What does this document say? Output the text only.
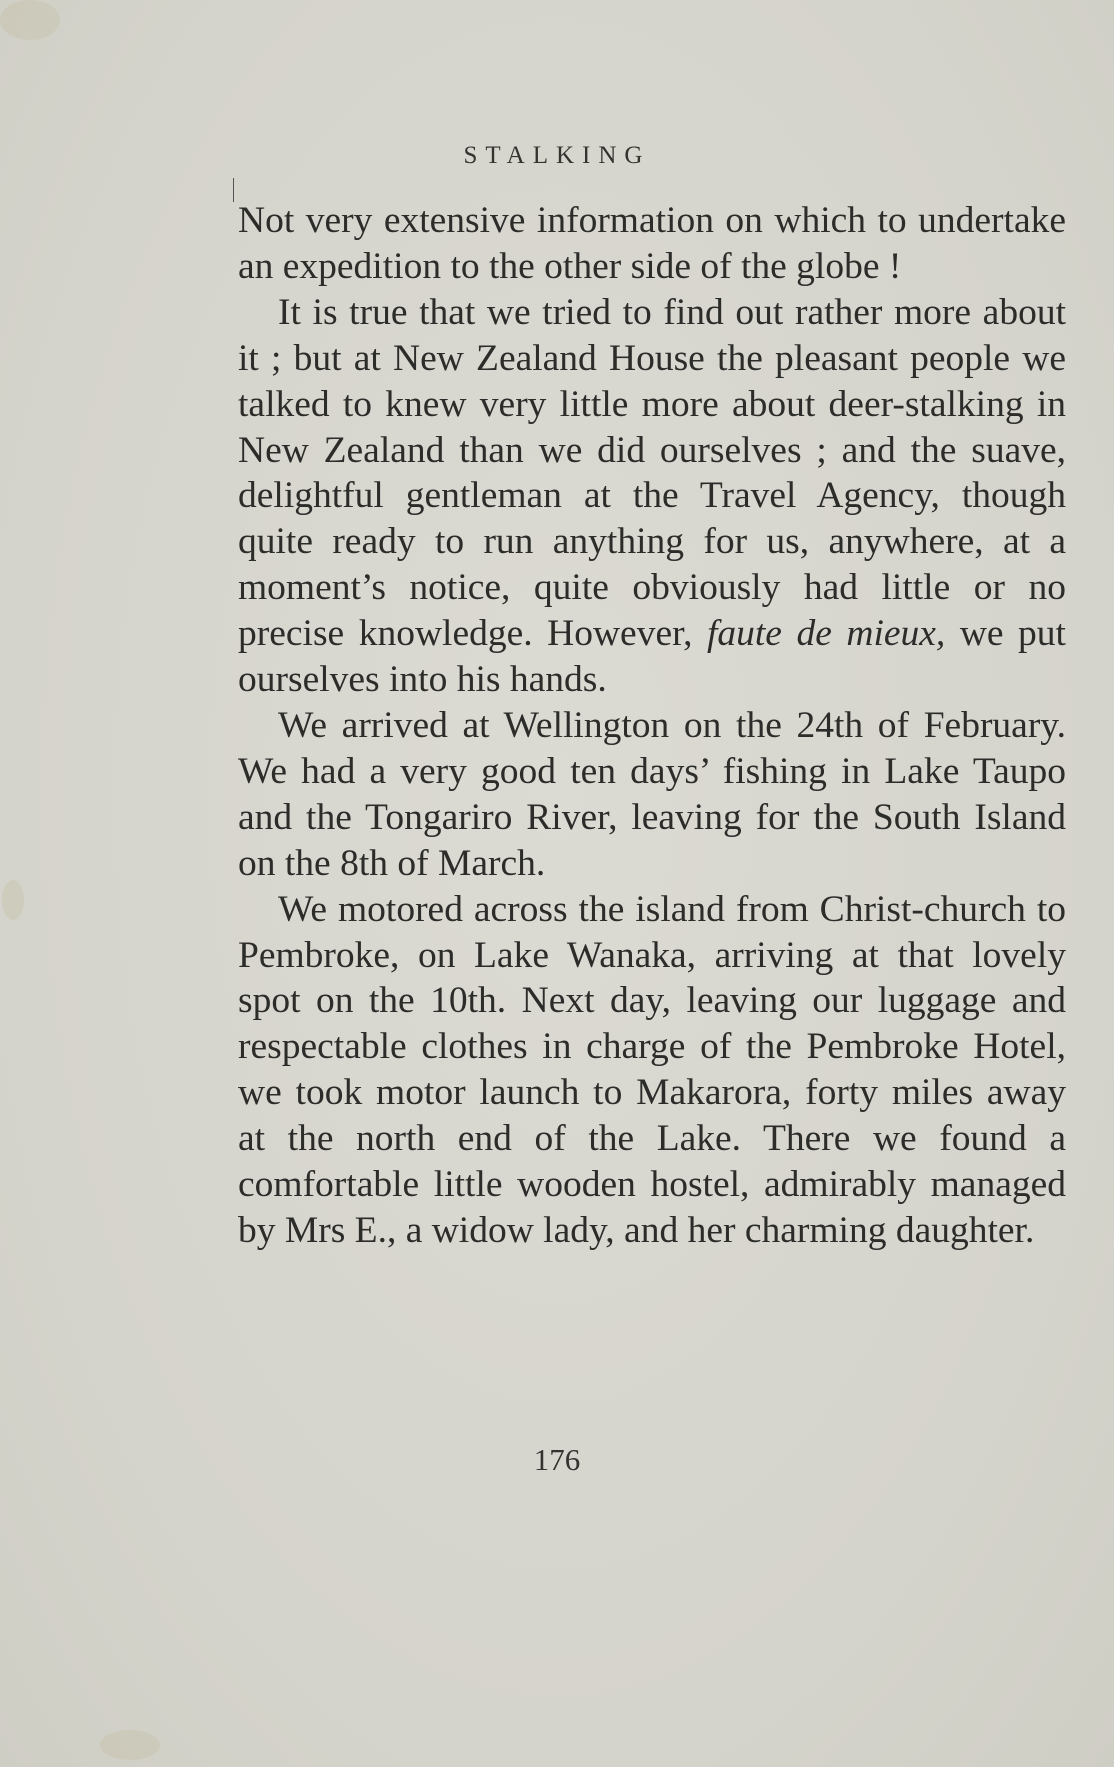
STALKING

Not very extensive information on which to undertake an expedition to the other side of the globe !

It is true that we tried to find out rather more about it ; but at New Zealand House the pleasant people we talked to knew very little more about deer-stalking in New Zealand than we did ourselves ; and the suave, delightful gentleman at the Travel Agency, though quite ready to run anything for us, anywhere, at a moment’s notice, quite obviously had little or no precise knowledge. However, faute de mieux, we put ourselves into his hands.

We arrived at Wellington on the 24th of February. We had a very good ten days’ fishing in Lake Taupo and the Tongariro River, leaving for the South Island on the 8th of March.

We motored across the island from Christ-church to Pembroke, on Lake Wanaka, arriving at that lovely spot on the 10th. Next day, leaving our luggage and respectable clothes in charge of the Pembroke Hotel, we took motor launch to Makarora, forty miles away at the north end of the Lake. There we found a comfortable little wooden hostel, admirably managed by Mrs E., a widow lady, and her charming daughter.

176
